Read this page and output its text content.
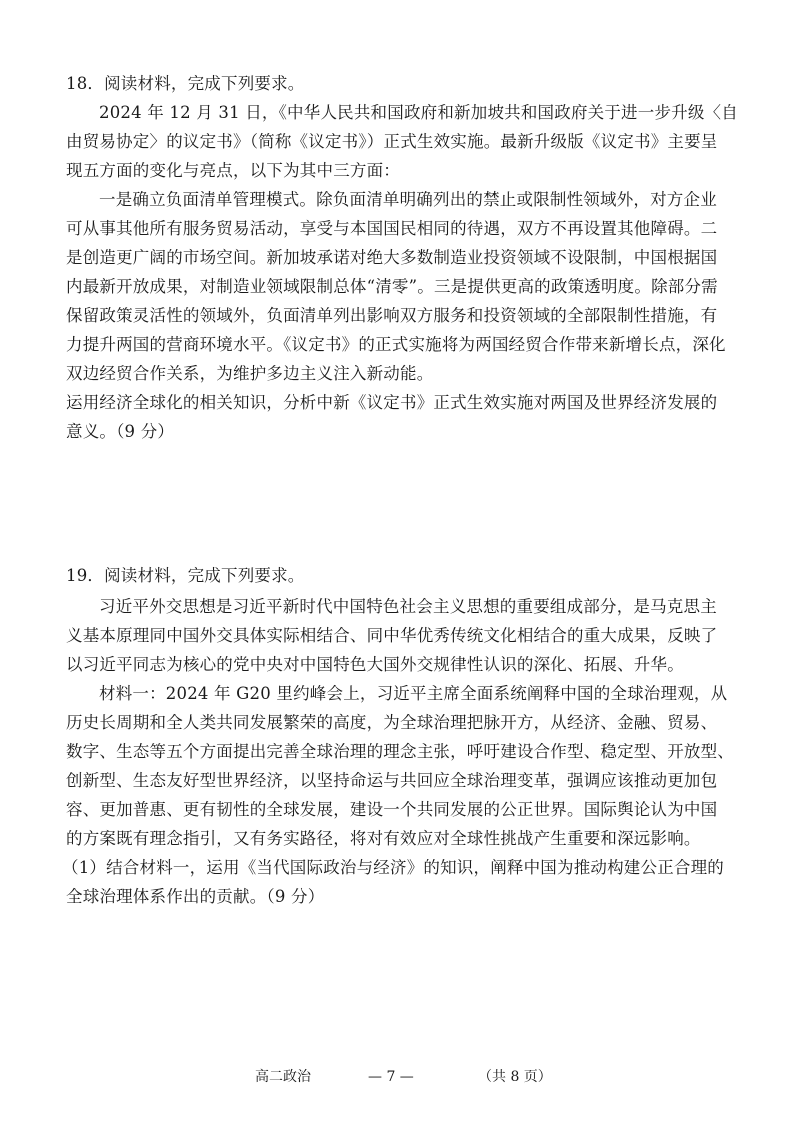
18．阅读材料，完成下列要求。
2024 年 12 月 31 日，《中华人民共和国政府和新加坡共和国政府关于进一步升级〈自
由贸易协定〉的议定书》（简称《议定书》）正式生效实施。最新升级版《议定书》主要呈
现五方面的变化与亮点，以下为其中三方面：
一是确立负面清单管理模式。除负面清单明确列出的禁止或限制性领域外，对方企业
可从事其他所有服务贸易活动，享受与本国国民相同的待遇，双方不再设置其他障碍。二
是创造更广阔的市场空间。新加坡承诺对绝大多数制造业投资领域不设限制，中国根据国
内最新开放成果，对制造业领域限制总体“清零”。三是提供更高的政策透明度。除部分需
保留政策灵活性的领域外，负面清单列出影响双方服务和投资领域的全部限制性措施，有
力提升两国的营商环境水平。《议定书》的正式实施将为两国经贸合作带来新增长点，深化
双边经贸合作关系，为维护多边主义注入新动能。
运用经济全球化的相关知识，分析中新《议定书》正式生效实施对两国及世界经济发展的
意义。（9 分）
19．阅读材料，完成下列要求。
习近平外交思想是习近平新时代中国特色社会主义思想的重要组成部分，是马克思主
义基本原理同中国外交具体实际相结合、同中华优秀传统文化相结合的重大成果，反映了
以习近平同志为核心的党中央对中国特色大国外交规律性认识的深化、拓展、升华。
材料一：2024 年 G20 里约峰会上，习近平主席全面系统阐释中国的全球治理观，从
历史长周期和全人类共同发展繁荣的高度，为全球治理把脉开方，从经济、金融、贸易、
数字、生态等五个方面提出完善全球治理的理念主张，呼吁建设合作型、稳定型、开放型、
创新型、生态友好型世界经济，以坚持命运与共回应全球治理变革，强调应该推动更加包
容、更加普惠、更有韧性的全球发展，建设一个共同发展的公正世界。国际舆论认为中国
的方案既有理念指引，又有务实路径，将对有效应对全球性挑战产生重要和深远影响。
（1）结合材料一，运用《当代国际政治与经济》的知识，阐释中国为推动构建公正合理的
全球治理体系作出的贡献。（9 分）
高二政治	— 7 —	（共 8 页）
